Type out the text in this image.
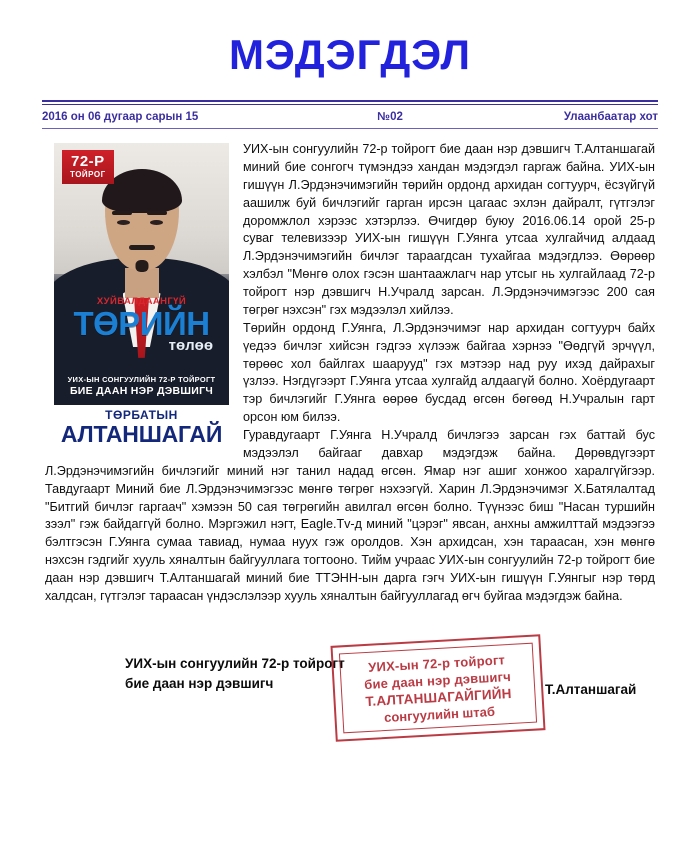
МЭДЭГДЭЛ
2016 он 06 дугаар сарын 15	№02	Улаанбаатар хот
72-Р
ТОЙРОГ
ХУЙВАЛДААНГҮЙ
ТӨРИЙН
төлөө
УИХ-ЫН СОНГУУЛИЙН 72-Р ТОЙРОГТ
БИЕ ДААН НЭР ДЭВШИГЧ
ТӨРБАТЫН
АЛТАНШАГАЙ

УИХ-ын сонгуулийн 72-р тойрогт бие даан нэр дэвшигч Т.Алтаншагай миний бие сонгогч түмэндээ хандан мэдэгдэл гаргаж байна. УИХ-ын гишүүн Л.Эрдэнэчимэгийн төрийн ордонд архидан согтуурч, ёсзүйгүй аашилж буй бичлэгийг гарган ирсэн цагаас эхлэн дайралт, гүтгэлэг доромжлол хэрээс хэтэрлээ. Өчигдөр буюу 2016.06.14 орой 25-р суваг телевизээр УИХ-ын гишүүн Г.Уянга утсаа хулгайчид алдаад Л.Эрдэнэчимэгийн бичлэг тараагдсан тухайгаа мэдэгдлээ. Өөрөөр хэлбэл "Мөнгө олох гэсэн шантаажлагч нар утсыг нь хулгайлаад 72-р тойрогт нэр дэвшигч Н.Учралд зарсан. Л.Эрдэнэчимэгээс 200 сая төгрөг нэхсэн" гэх мэдээлэл хийлээ.

Төрийн ордонд Г.Уянга, Л.Эрдэнэчимэг нар архидан согтуурч байх үедээ бичлэг хийсэн гэдгээ хүлээж байгаа хэрнээ "Өөдгүй эрчүүл, төрөөс хол байлгах шаарууд" гэх мэтээр над руу ихэд дайрахыг үзлээ. Нэгдүгээрт Г.Уянга утсаа хулгайд алдаагүй болно. Хоёрдугаарт тэр бичлэгийг Г.Уянга өөрөө бусдад өгсөн бөгөөд Н.Учралын гарт орсон юм билээ.

Гуравдугаарт Г.Уянга Н.Учралд бичлэгээ зарсан гэх баттай бус мэдээлэл байгааг давхар мэдэгдэж байна. Дөрөвдүгээрт Л.Эрдэнэчимэгийн бичлэгийг миний нэг танил надад өгсөн. Ямар нэг ашиг хонжоо харалгүйгээр. Тавдугаарт Миний бие Л.Эрдэнэчимэгээс мөнгө төгрөг нэхээгүй. Харин Л.Эрдэнэчимэг Х.Батялалтад "Битгий бичлэг гаргаач" хэмээн 50 сая төгрөгийн авилгал өгсөн болно. Түүнээс биш "Насан туршийн зээл" гэж байдаггүй болно. Мэргэжил нэгт, Eagle.Tv-д миний "цэрэг" явсан, анхны амжилттай мэдээгээ бэлтгэсэн Г.Уянга сумаа тавиад, нумаа нуух гэж оролдов. Хэн архидсан, хэн тараасан, хэн мөнгө нэхсэн гэдгийг хууль хяналтын байгууллага тогтооно. Тийм учраас УИХ-ын сонгуулийн 72-р тойрогт бие даан нэр дэвшигч Т.Алтаншагай миний бие ТТЭНН-ын дарга гэгч УИХ-ын гишүүн Г.Уянгыг нэр төрд халдсан, гүтгэлэг тараасан үндэслэлээр хууль хяналтын байгууллагад өгч буйгаа мэдэгдэж байна.

УИХ-ын сонгуулийн 72-р тойрогт
бие даан нэр дэвшигч
УИХ-ын 72-р тойрогт
бие даан нэр дэвшигч
Т.АЛТАНШАГАЙГИЙН
сонгуулийн штаб
Т.Алтаншагай
